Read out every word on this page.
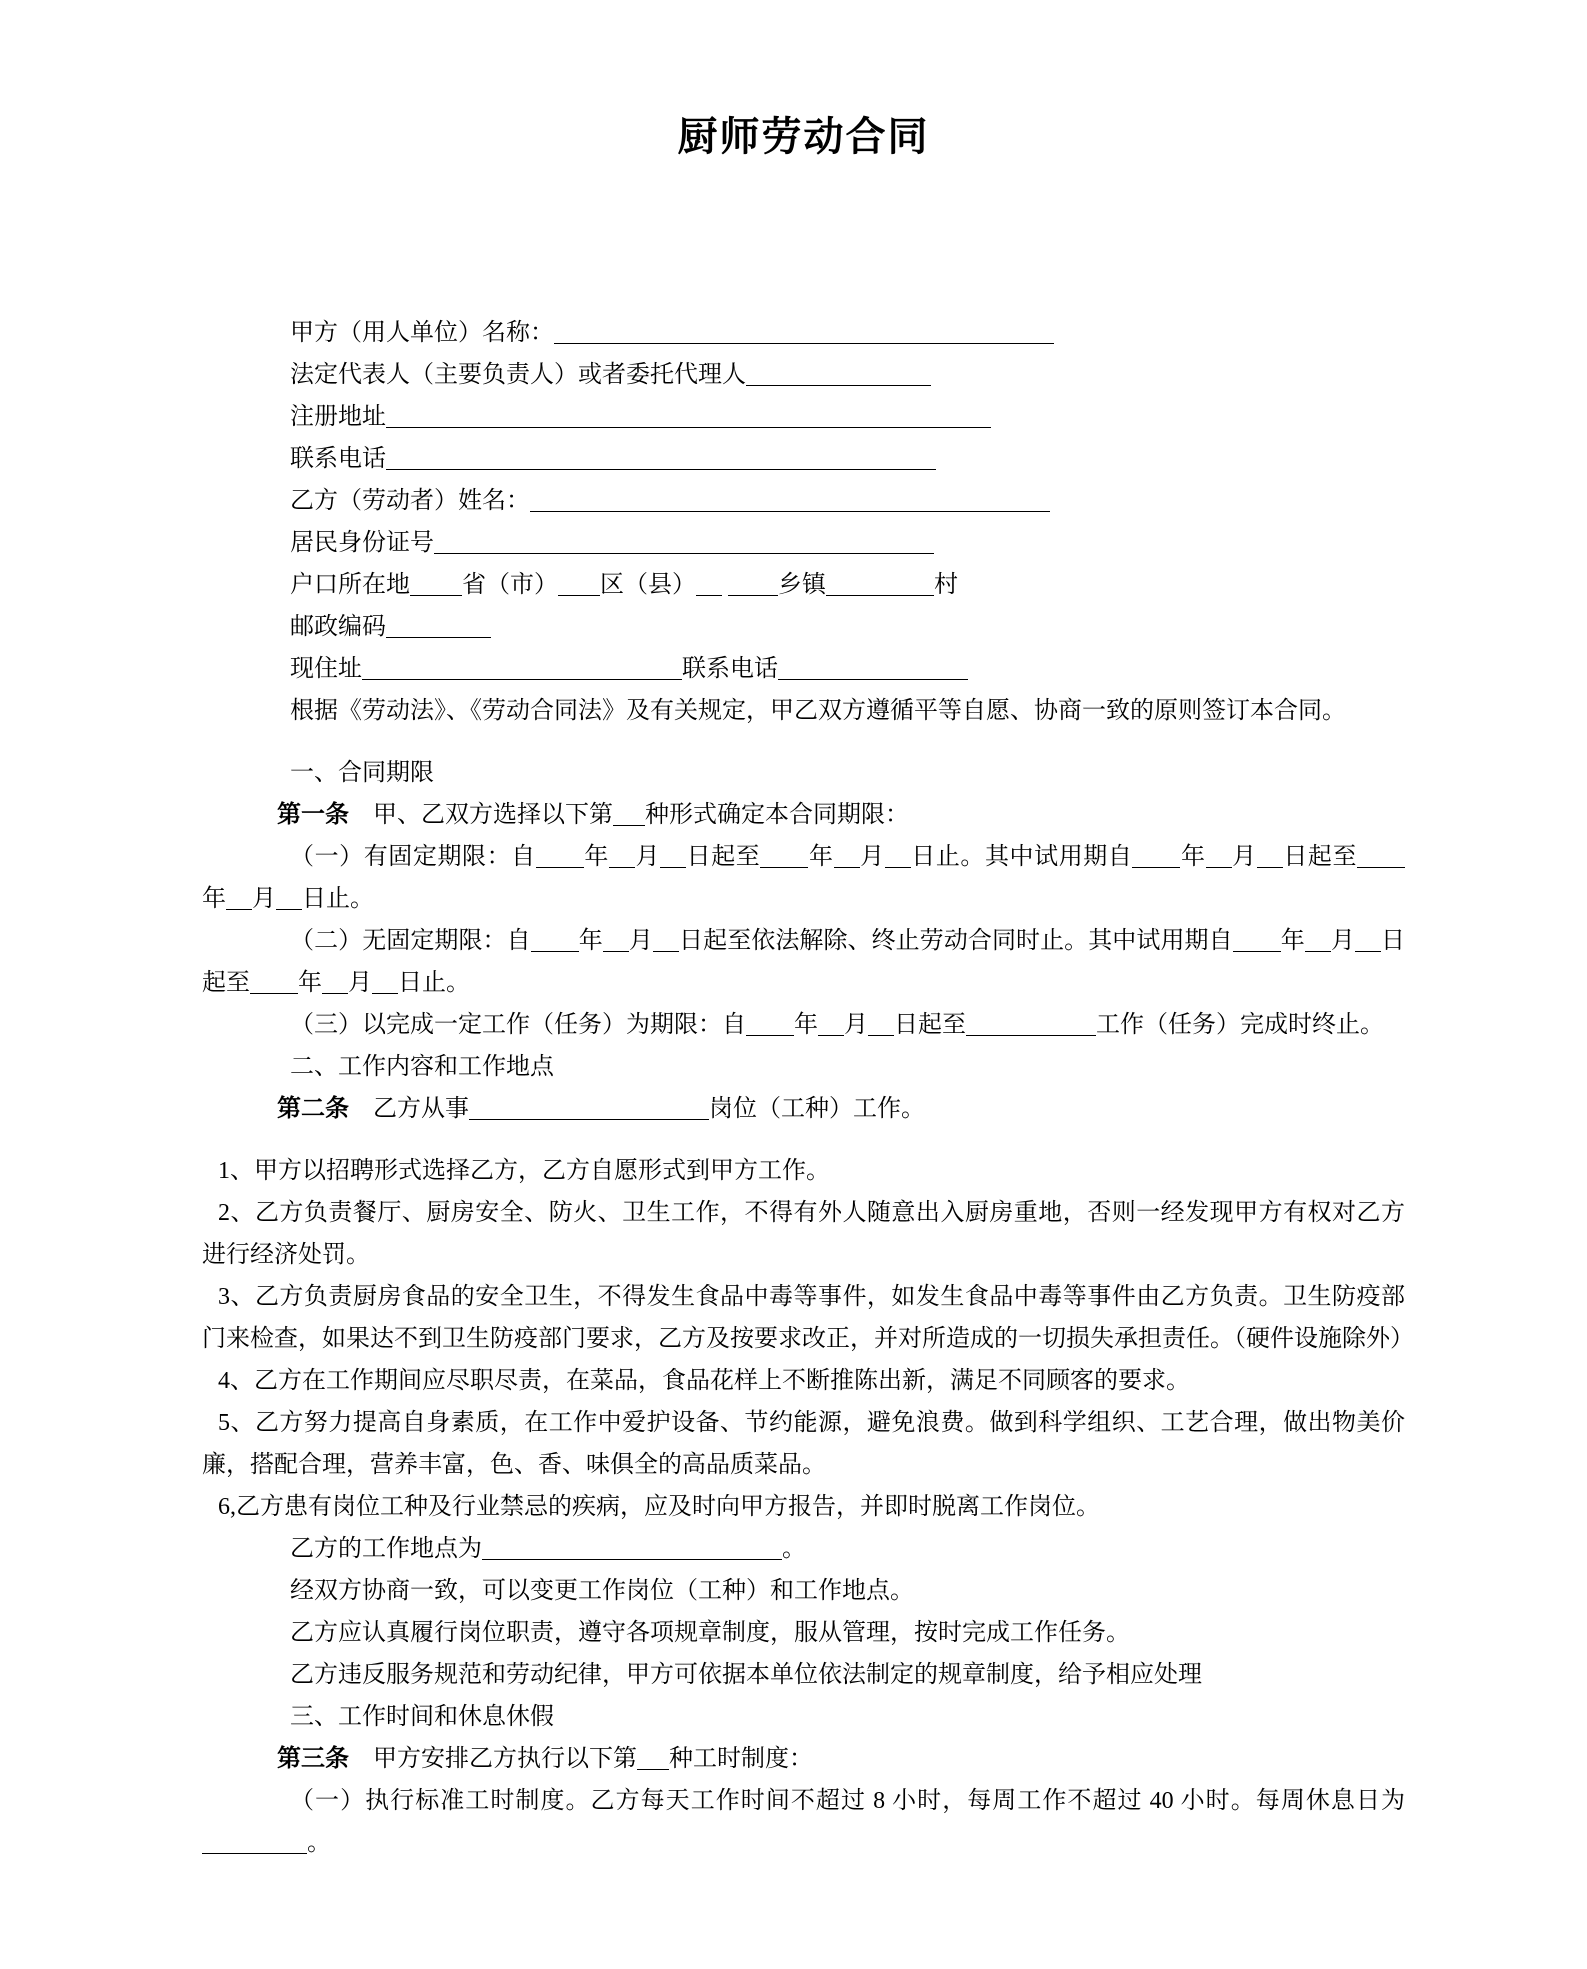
厨师劳动合同
甲方（用人单位）名称：
法定代表人（主要负责人）或者委托代理人
注册地址
联系电话
乙方（劳动者）姓名：
居民身份证号
户口所在地 省（市） 区（县）	乡镇	村
邮政编码
现住址	联系电话
根据《劳动法》、《劳动合同法》及有关规定，甲乙双方遵循平等自愿、协商一致的原则签订本合同。
一、合同期限
第一条　甲、乙双方选择以下第 种形式确定本合同期限：
（一）有固定期限：自 年 月 日起至 年 月 日止。其中试用期自 年 月 日起至年 月 日止。
（二）无固定期限：自 年 月 日起至依法解除、终止劳动合同时止。其中试用期自 年 月 日起至 年 月 日止。
（三）以完成一定工作（任务）为期限：自 年 月 日起至	工作（任务）完成时终止。
二、工作内容和工作地点
第二条　乙方从事	岗位（工种）工作。
1、甲方以招聘形式选择乙方，乙方自愿形式到甲方工作。
2、乙方负责餐厅、厨房安全、防火、卫生工作，不得有外人随意出入厨房重地，否则一经发现甲方有权对乙方进行经济处罚。
3、乙方负责厨房食品的安全卫生，不得发生食品中毒等事件，如发生食品中毒等事件由乙方负责。卫生防疫部门来检查，如果达不到卫生防疫部门要求，乙方及按要求改正，并对所造成的一切损失承担责任。（硬件设施除外）
4、乙方在工作期间应尽职尽责，在菜品，食品花样上不断推陈出新，满足不同顾客的要求。
5、乙方努力提高自身素质，在工作中爱护设备、节约能源，避免浪费。做到科学组织、工艺合理，做出物美价廉，搭配合理，营养丰富，色、香、味俱全的高品质菜品。
6,乙方患有岗位工种及行业禁忌的疾病，应及时向甲方报告，并即时脱离工作岗位。
乙方的工作地点为	。
经双方协商一致，可以变更工作岗位（工种）和工作地点。
乙方应认真履行岗位职责，遵守各项规章制度，服从管理，按时完成工作任务。
乙方违反服务规范和劳动纪律，甲方可依据本单位依法制定的规章制度，给予相应处理
三、工作时间和休息休假
第三条　甲方安排乙方执行以下第 种工时制度：
（一）执行标准工时制度。乙方每天工作时间不超过 8 小时，每周工作不超过 40 小时。每周休息日为。
